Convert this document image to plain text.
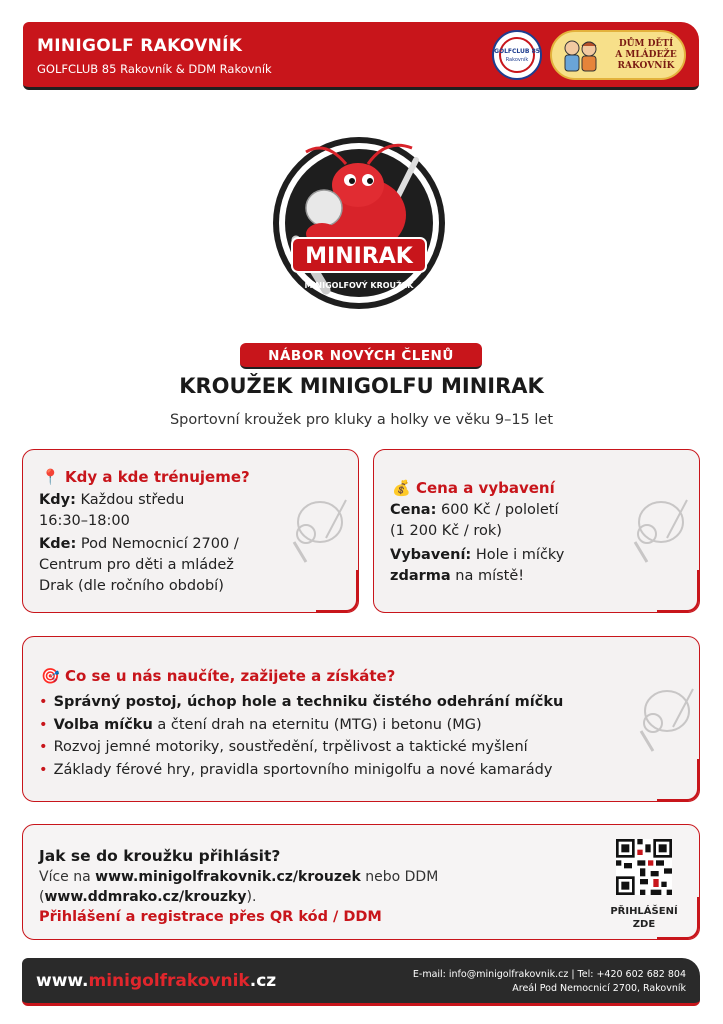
MINIGOLF RAKOVNÍK
GOLFCLUB 85 Rakovník & DDM Rakovník
GOLFCLUB 85
Rakovník
DŮM DĚTÍ
A MLÁDEŽE
RAKOVNÍK
MINIRAK
MINIGOLFOVÝ KROUŽEK
NÁBOR NOVÝCH ČLENŮ
KROUŽEK MINIGOLFU MINIRAK
Sportovní kroužek pro kluky a holky ve věku 9–15 let
📍 Kdy a kde trénujeme?

Kdy: Každou středu
16:30–18:00

Kde: Pod Nemocnicí 2700 /
Centrum pro děti a mládež
Drak (dle ročního období)

💰 Cena a vybavení

Cena: 600 Kč / pololetí
(1 200 Kč / rok)

Vybavení: Hole i míčky
zdarma na místě!

🎯 Co se u nás naučíte, zažijete a získáte?
• Správný postoj, úchop hole a techniku čistého odehrání míčku
• Volba míčku a čtení drah na eternitu (MTG) i betonu (MG)
• Rozvoj jemné motoriky, soustředění, trpělivost a taktické myšlení
• Základy férové hry, pravidla sportovního minigolfu a nové kamarády
Jak se do kroužku přihlásit?

Více na www.minigolfrakovnik.cz/krouzek nebo DDM
(www.ddmrako.cz/krouzky).

Přihlášení a registrace přes QR kód / DDM	PŘIHLÁŠENÍ
ZDE
www.minigolfrakovnik.cz	E-mail: info@minigolfrakovnik.cz | Tel: +420 602 682 804
Areál Pod Nemocnicí 2700, Rakovník
